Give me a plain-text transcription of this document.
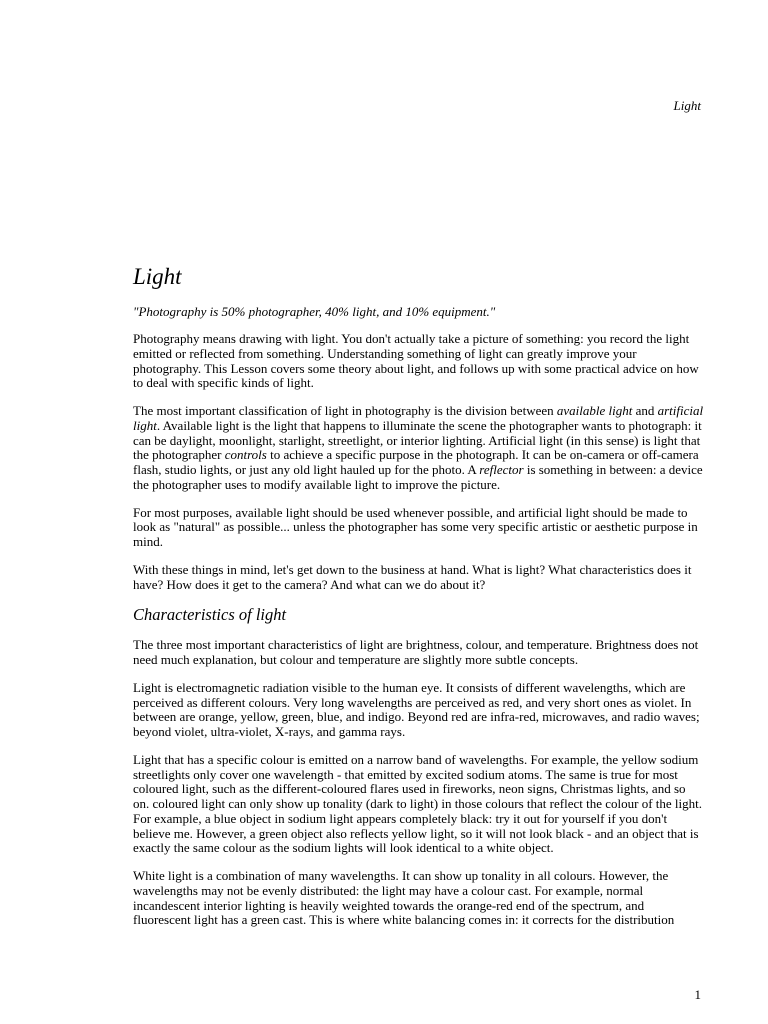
Light
Light
"Photography is 50% photographer, 40% light, and 10% equipment."

Photography means drawing with light. You don't actually take a picture of something: you record the light emitted or reflected from something. Understanding something of light can greatly improve your photography. This Lesson covers some theory about light, and follows up with some practical advice on how to deal with specific kinds of light.

The most important classification of light in photography is the division between available light and artificial light. Available light is the light that happens to illuminate the scene the photographer wants to photograph: it can be daylight, moonlight, starlight, streetlight, or interior lighting. Artificial light (in this sense) is light that the photographer controls to achieve a specific purpose in the photograph. It can be on-camera or off-camera flash, studio lights, or just any old light hauled up for the photo. A reflector is something in between: a device the photographer uses to modify available light to improve the picture.

For most purposes, available light should be used whenever possible, and artificial light should be made to look as "natural" as possible... unless the photographer has some very specific artistic or aesthetic purpose in mind.

With these things in mind, let's get down to the business at hand. What is light? What characteristics does it have? How does it get to the camera? And what can we do about it?

Characteristics of light

The three most important characteristics of light are brightness, colour, and temperature. Brightness does not need much explanation, but colour and temperature are slightly more subtle concepts.

Light is electromagnetic radiation visible to the human eye. It consists of different wavelengths, which are perceived as different colours. Very long wavelengths are perceived as red, and very short ones as violet. In between are orange, yellow, green, blue, and indigo. Beyond red are infra-red, microwaves, and radio waves; beyond violet, ultra-violet, X-rays, and gamma rays.

Light that has a specific colour is emitted on a narrow band of wavelengths. For example, the yellow sodium streetlights only cover one wavelength - that emitted by excited sodium atoms. The same is true for most coloured light, such as the different-coloured flares used in fireworks, neon signs, Christmas lights, and so on. coloured light can only show up tonality (dark to light) in those colours that reflect the colour of the light. For example, a blue object in sodium light appears completely black: try it out for yourself if you don't believe me. However, a green object also reflects yellow light, so it will not look black - and an object that is exactly the same colour as the sodium lights will look identical to a white object.

White light is a combination of many wavelengths. It can show up tonality in all colours. However, the wavelengths may not be evenly distributed: the light may have a colour cast. For example, normal incandescent interior lighting is heavily weighted towards the orange-red end of the spectrum, and fluorescent light has a green cast. This is where white balancing comes in: it corrects for the distribution

1
